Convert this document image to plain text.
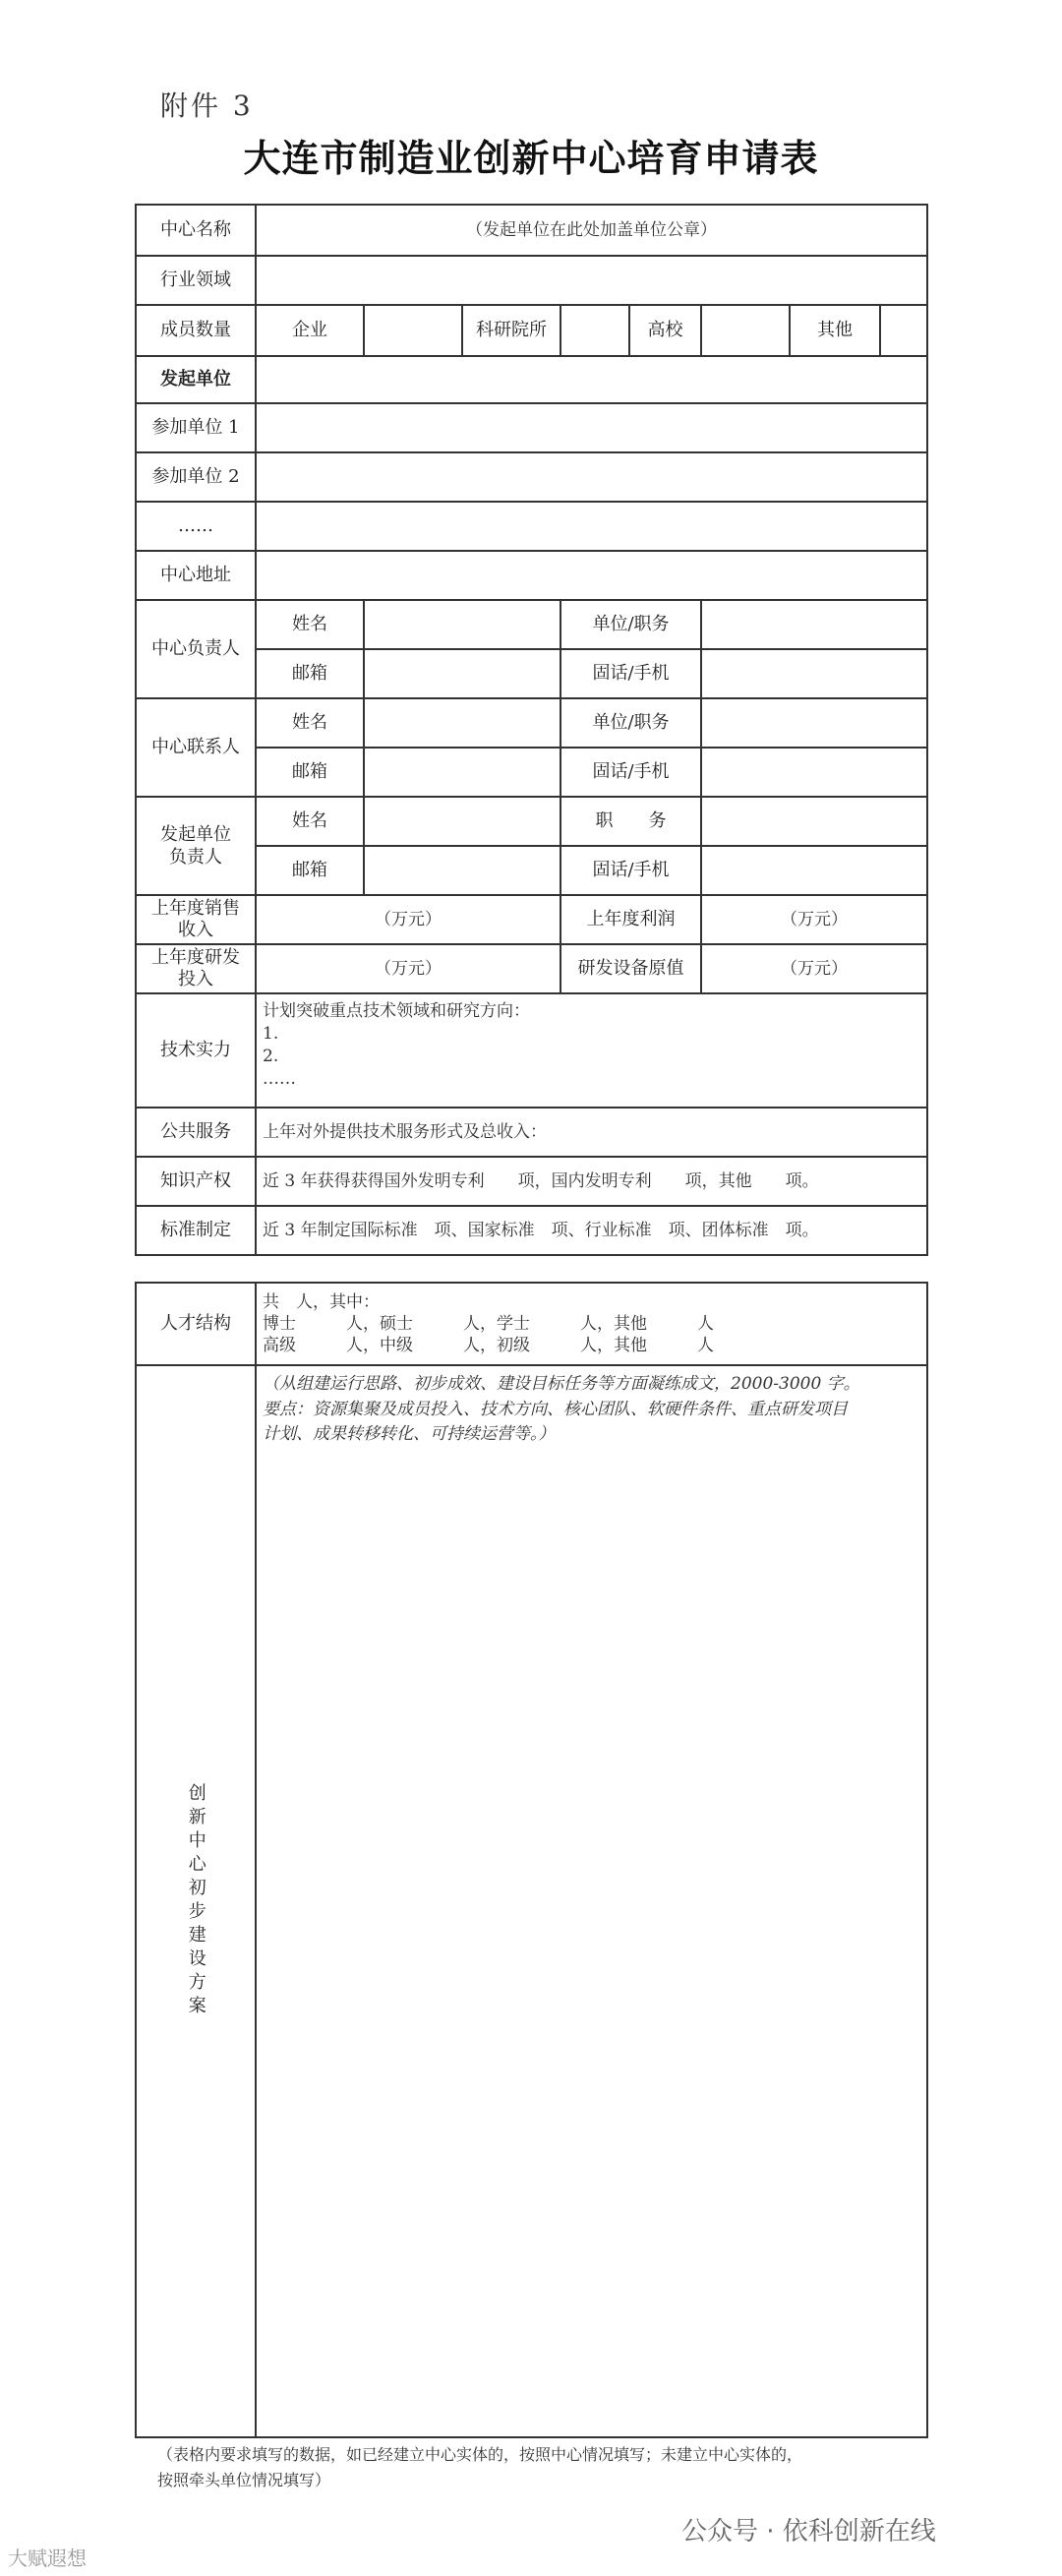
附件 3
大连市制造业创新中心培育申请表
中心名称	（发起单位在此处加盖单位公章）						
行业领域							
成员数量	企业		科研院所		高校		其他

发起单位							
参加单位 1							
参加单位 2							
……							
中心地址							
中心负责人	姓名			单位/职务			
	邮箱			固话/手机			
中心联系人	姓名			单位/职务			
	邮箱			固话/手机			

发起单位
负责人	姓名			职　　务			
	邮箱			固话/手机			

上年度销售
收入	（万元）			上年度利润		（万元）	

上年度研发
投入	（万元）			研发设备原值		（万元）	
技术实力	计划突破重点技术领域和研究方向：
1.
2.
……						

公共服务	上年对外提供技术服务形式及总收入：						
知识产权	近 3 年获得获得国外发明专利　　项，国内发明专利　　项，其他　　项。						
标准制定	近 3 年制定国际标准　项、国家标准　项、行业标准　项、团体标准　项。						
人才结构	共　人，其中：
博士　　　人，硕士　　　人，学士　　　人，其他　　　人
高级　　　人，中级　　　人，初级　　　人，其他　　　人

创新中心初步建设方案	（从组建运行思路、初步成效、建设目标任务等方面凝练成文，2000-3000 字。
要点：资源集聚及成员投入、技术方向、核心团队、软硬件条件、重点研发项目
计划、成果转移转化、可持续运营等。）
（表格内要求填写的数据，如已经建立中心实体的，按照中心情况填写；未建立中心实体的，
按照牵头单位情况填写）
大赋遐想
公众号 · 依科创新在线
